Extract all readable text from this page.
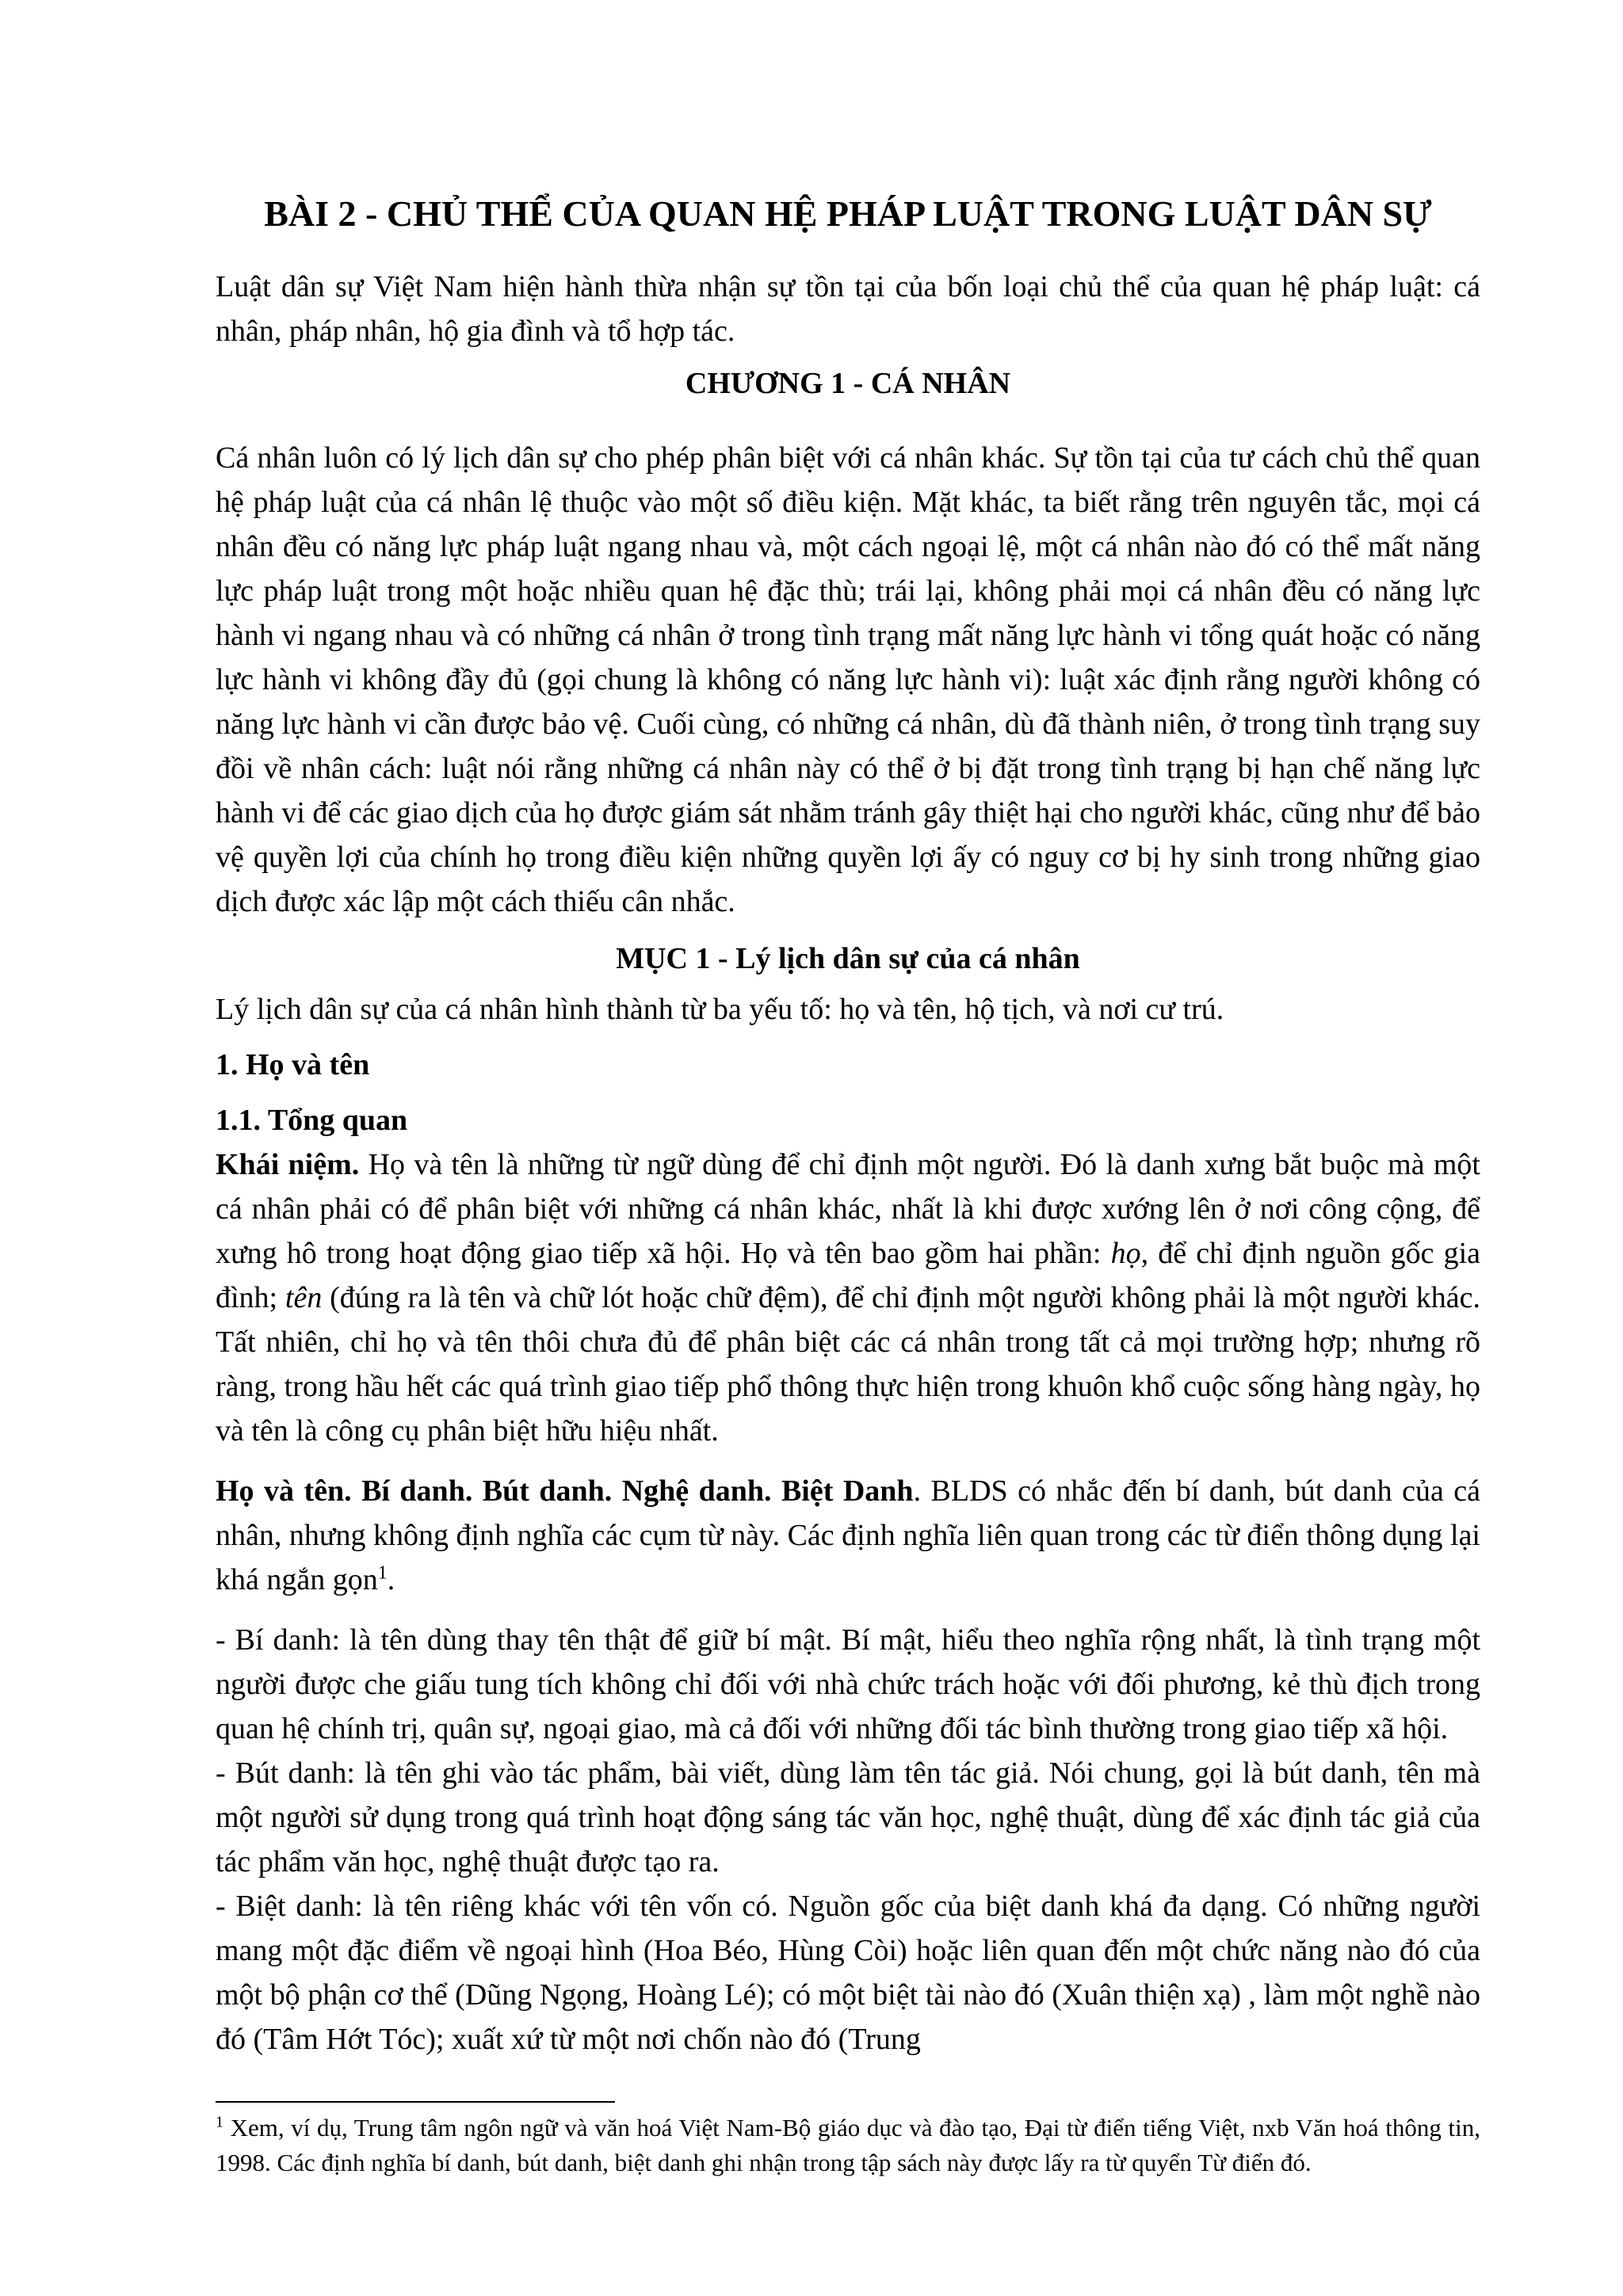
BÀI 2 - CHỦ THỂ CỦA QUAN HỆ PHÁP LUẬT TRONG LUẬT DÂN SỰ

Luật dân sự Việt Nam hiện hành thừa nhận sự tồn tại của bốn loại chủ thể của quan hệ pháp luật: cá nhân, pháp nhân, hộ gia đình và tổ hợp tác.

CHƯƠNG 1 - CÁ NHÂN

Cá nhân luôn có lý lịch dân sự cho phép phân biệt với cá nhân khác. Sự tồn tại của tư cách chủ thể quan hệ pháp luật của cá nhân lệ thuộc vào một số điều kiện. Mặt khác, ta biết rằng trên nguyên tắc, mọi cá nhân đều có năng lực pháp luật ngang nhau và, một cách ngoại lệ, một cá nhân nào đó có thể mất năng lực pháp luật trong một hoặc nhiều quan hệ đặc thù; trái lại, không phải mọi cá nhân đều có năng lực hành vi ngang nhau và có những cá nhân ở trong tình trạng mất năng lực hành vi tổng quát hoặc có năng lực hành vi không đầy đủ (gọi chung là không có năng lực hành vi): luật xác định rằng người không có năng lực hành vi cần được bảo vệ. Cuối cùng, có những cá nhân, dù đã thành niên, ở trong tình trạng suy đồi về nhân cách: luật nói rằng những cá nhân này có thể ở bị đặt trong tình trạng bị hạn chế năng lực hành vi để các giao dịch của họ được giám sát nhằm tránh gây thiệt hại cho người khác, cũng như để bảo vệ quyền lợi của chính họ trong điều kiện những quyền lợi ấy có nguy cơ bị hy sinh trong những giao dịch được xác lập một cách thiếu cân nhắc.

MỤC 1 - Lý lịch dân sự của cá nhân

Lý lịch dân sự của cá nhân hình thành từ ba yếu tố: họ và tên, hộ tịch, và nơi cư trú.

1. Họ và tên
1.1. Tổng quan

Khái niệm. Họ và tên là những từ ngữ dùng để chỉ định một người. Đó là danh xưng bắt buộc mà một cá nhân phải có để phân biệt với những cá nhân khác, nhất là khi được xướng lên ở nơi công cộng, để xưng hô trong hoạt động giao tiếp xã hội. Họ và tên bao gồm hai phần: họ, để chỉ định nguồn gốc gia đình; tên (đúng ra là tên và chữ lót hoặc chữ đệm), để chỉ định một người không phải là một người khác. Tất nhiên, chỉ họ và tên thôi chưa đủ để phân biệt các cá nhân trong tất cả mọi trường hợp; nhưng rõ ràng, trong hầu hết các quá trình giao tiếp phổ thông thực hiện trong khuôn khổ cuộc sống hàng ngày, họ và tên là công cụ phân biệt hữu hiệu nhất.

Họ và tên. Bí danh. Bút danh. Nghệ danh. Biệt Danh. BLDS có nhắc đến bí danh, bút danh của cá nhân, nhưng không định nghĩa các cụm từ này. Các định nghĩa liên quan trong các từ điển thông dụng lại khá ngắn gọn$^1$.

- Bí danh: là tên dùng thay tên thật để giữ bí mật. Bí mật, hiểu theo nghĩa rộng nhất, là tình trạng một người được che giấu tung tích không chỉ đối với nhà chức trách hoặc với đối phương, kẻ thù địch trong quan hệ chính trị, quân sự, ngoại giao, mà cả đối với những đối tác bình thường trong giao tiếp xã hội.

- Bút danh: là tên ghi vào tác phẩm, bài viết, dùng làm tên tác giả. Nói chung, gọi là bút danh, tên mà một người sử dụng trong quá trình hoạt động sáng tác văn học, nghệ thuật, dùng để xác định tác giả của tác phẩm văn học, nghệ thuật được tạo ra.

- Biệt danh: là tên riêng khác với tên vốn có. Nguồn gốc của biệt danh khá đa dạng. Có những người mang một đặc điểm về ngoại hình (Hoa Béo, Hùng Còi) hoặc liên quan đến một chức năng nào đó của một bộ phận cơ thể (Dũng Ngọng, Hoàng Lé); có một biệt tài nào đó (Xuân thiện xạ) , làm một nghề nào đó (Tâm Hớt Tóc); xuất xứ từ một nơi chốn nào đó (Trung

$^1$ Xem, ví dụ, Trung tâm ngôn ngữ và văn hoá Việt Nam-Bộ giáo dục và đào tạo, Đại từ điển tiếng Việt, nxb Văn hoá thông tin, 1998. Các định nghĩa bí danh, bút danh, biệt danh ghi nhận trong tập sách này được lấy ra từ quyển Từ điển đó.
